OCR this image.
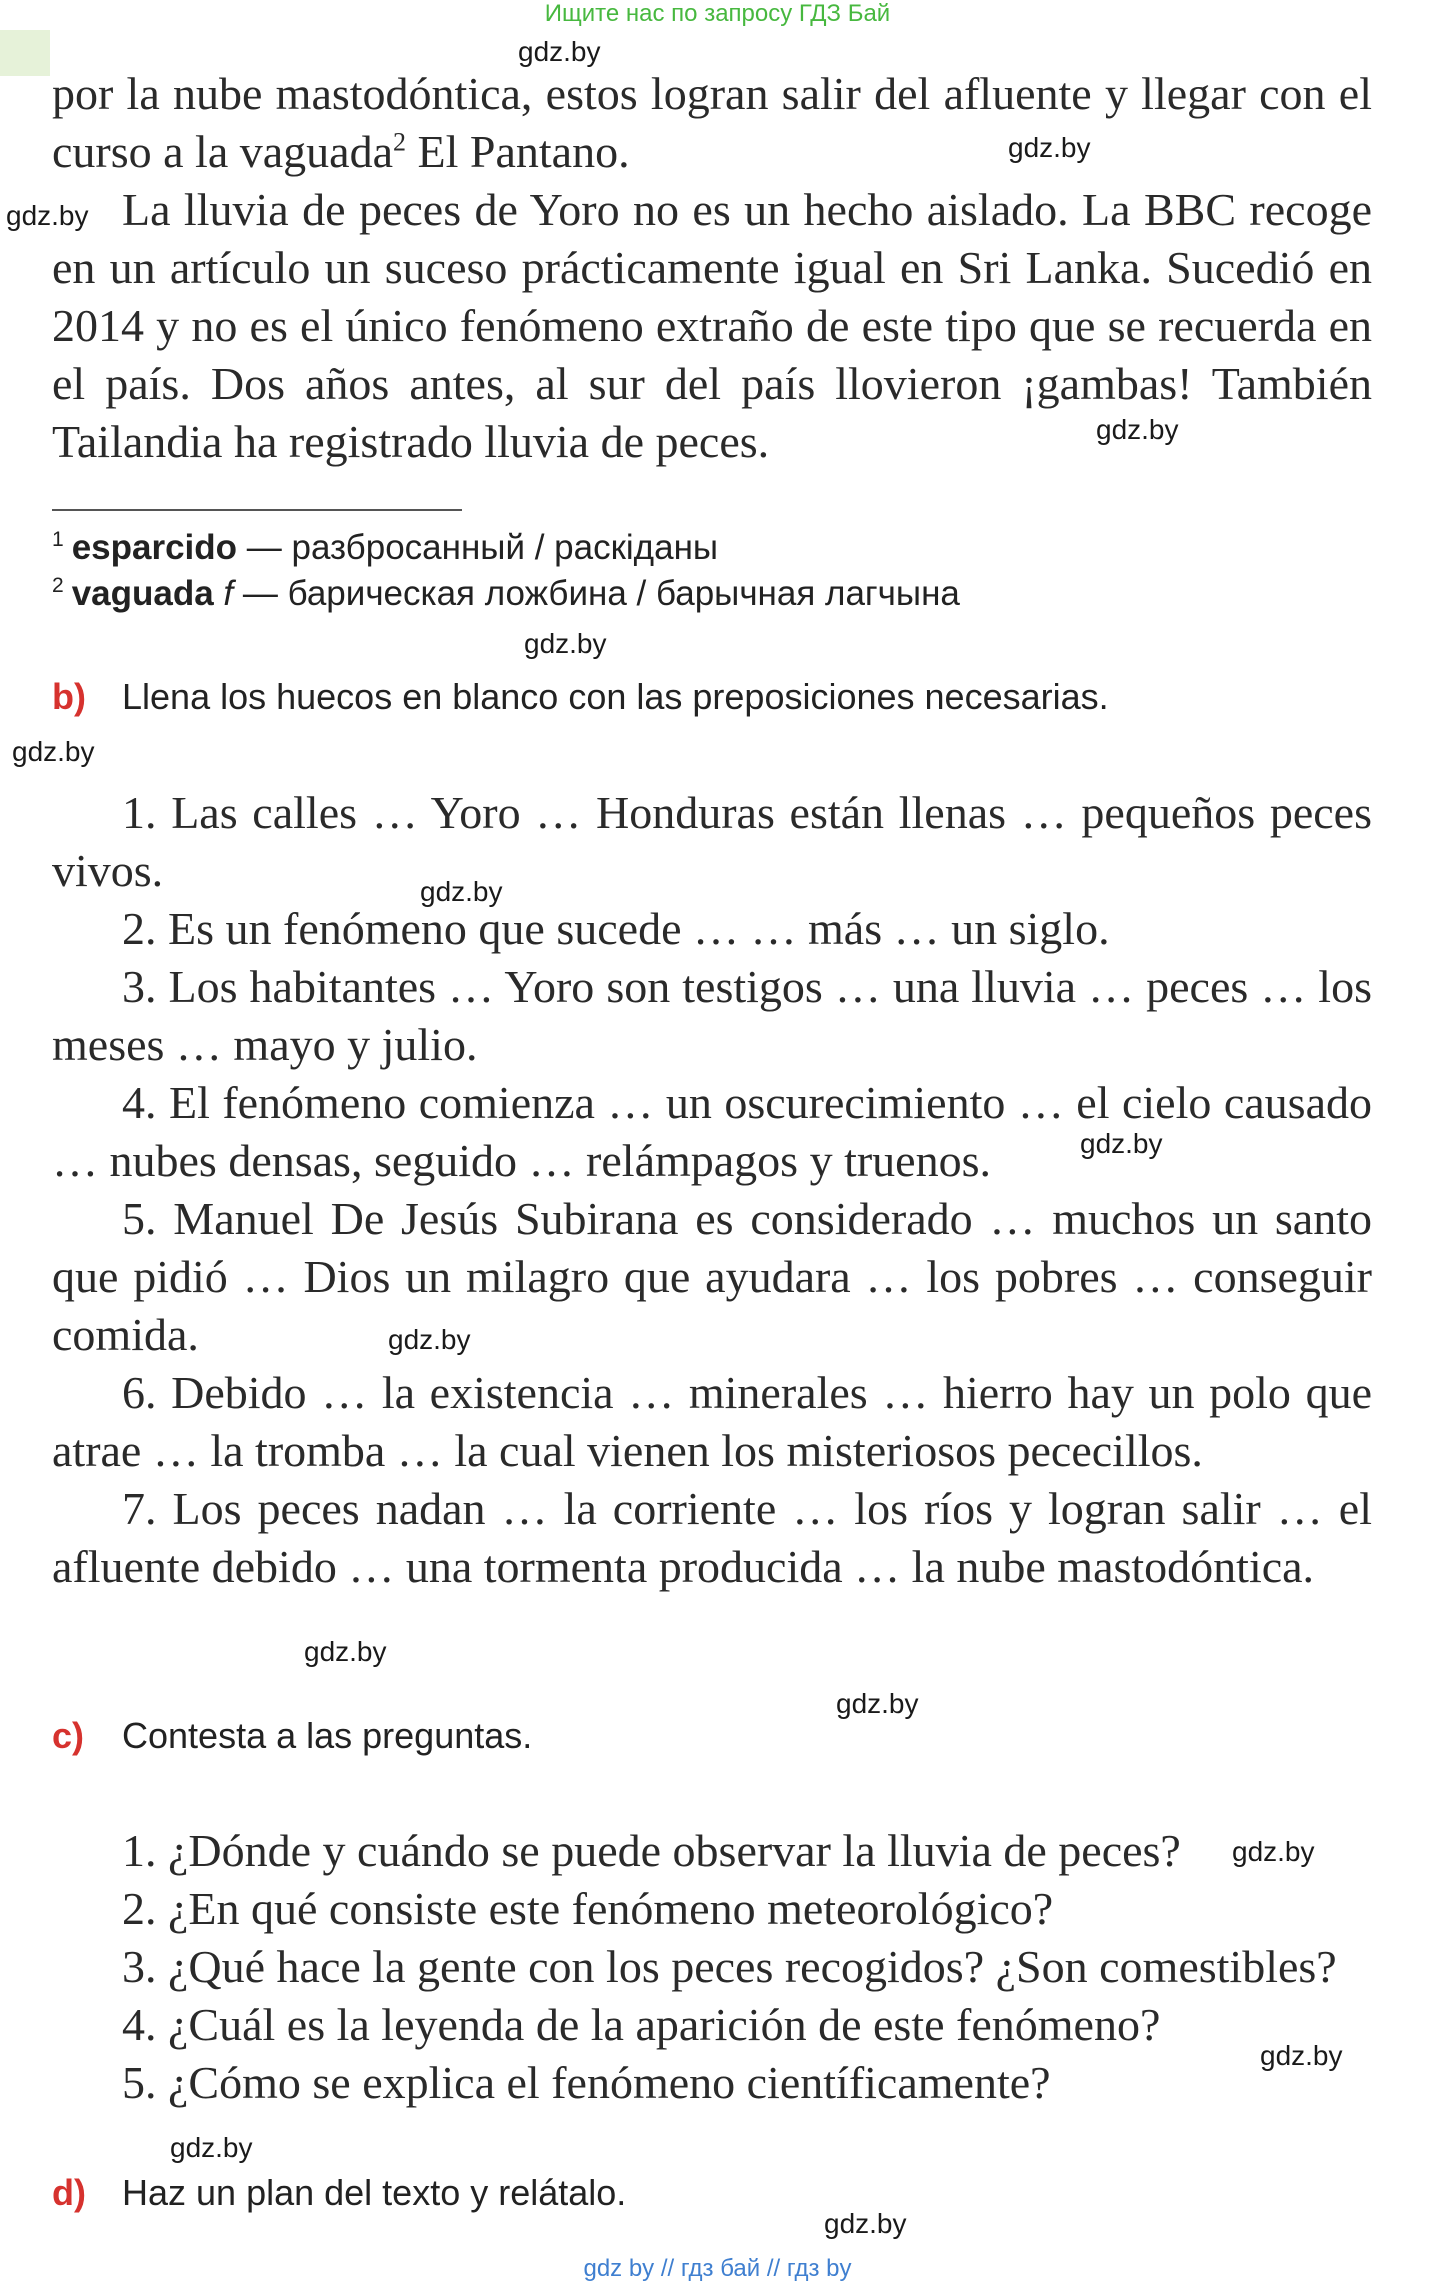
Ищите нас по запросу ГДЗ Бай
por la nube mastodóntica, estos logran salir del afluente y llegar con el curso a la vaguada$^2$ El Pantano.
La lluvia de peces de Yoro no es un hecho aislado. La BBC recoge en un artículo un suceso prácticamente igual en Sri Lanka. Sucedió en 2014 y no es el único fenómeno extraño de este tipo que se recuerda en el país. Dos años antes, al sur del país llovieron ¡gambas! También Tailandia ha registrado lluvia de peces.
$^1$ esparcido — разбросанный / раскіданы
$^2$ vaguada f — барическая ложбина / барычная лагчына
b) Llena los huecos en blanco con las preposiciones necesarias.
1. Las calles … Yoro … Honduras están llenas … pequeños peces vivos.
2. Es un fenómeno que sucede … … más … un siglo.
3. Los habitantes … Yoro son testigos … una lluvia … peces … los meses … mayo y julio.
4. El fenómeno comienza … un oscurecimiento … el cielo causado … nubes densas, seguido … relámpagos y truenos.
5. Manuel De Jesús Subirana es considerado … muchos un santo que pidió … Dios un milagro que ayudara … los pobres … conseguir comida.
6. Debido … la existencia … minerales … hierro hay un polo que atrae … la tromba … la cual vienen los misteriosos pececillos.
7. Los peces nadan … la corriente … los ríos y logran salir … el afluente debido … una tormenta producida … la nube mastodóntica.
c) Contesta a las preguntas.
1. ¿Dónde y cuándo se puede observar la lluvia de peces?
2. ¿En qué consiste este fenómeno meteorológico?
3. ¿Qué hace la gente con los peces recogidos? ¿Son comestibles?
4. ¿Cuál es la leyenda de la aparición de este fenómeno?
5. ¿Cómo se explica el fenómeno científicamente?
d) Haz un plan del texto y relátalo.
gdz.by
gdz.by
gdz.by
gdz.by
gdz.by
gdz.by
gdz.by
gdz.by
gdz.by
gdz.by
gdz.by
gdz.by
gdz.by
gdz.by
gdz.by
gdz by // гдз бай // гдз by
